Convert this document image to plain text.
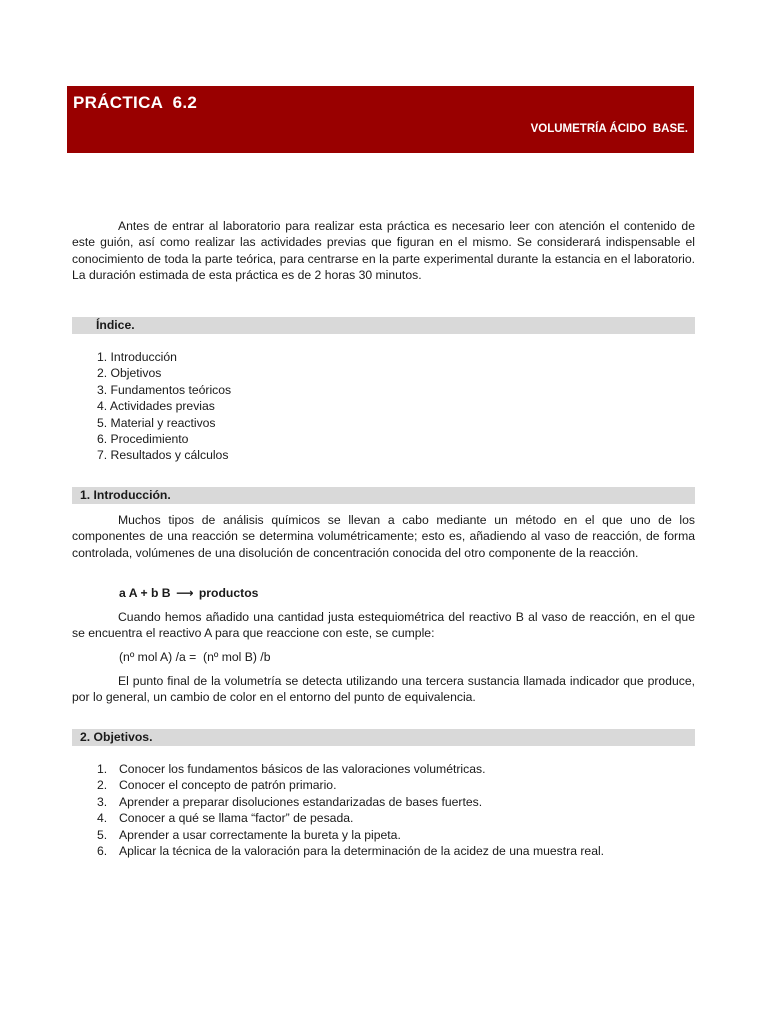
PRÁCTICA  6.2
VOLUMETRÍA ÁCIDO  BASE.

Antes de entrar al laboratorio para realizar esta práctica es necesario leer con atención el contenido de este guión, así como realizar las actividades previas que figuran en el mismo. Se considerará indispensable el conocimiento de toda la parte teórica, para centrarse en la parte experimental durante la estancia en el laboratorio. La duración estimada de esta práctica es de 2 horas 30 minutos.

Índice.
1. Introducción
2. Objetivos
3. Fundamentos teóricos
4. Actividades previas
5. Material y reactivos
6. Procedimiento
7. Resultados y cálculos
1. Introducción.

Muchos tipos de análisis químicos se llevan a cabo mediante un método en el que uno de los componentes de una reacción se determina volumétricamente; esto es, añadiendo al vaso de reacción, de forma controlada, volúmenes de una disolución de concentración conocida del otro componente de la reacción.

a A + b B ⟶ productos

Cuando hemos añadido una cantidad justa estequiométrica del reactivo B al vaso de reacción, en el que se encuentra el reactivo A para que reaccione con este, se cumple:

(nº mol A) /a =  (nº mol B) /b

El punto final de la volumetría se detecta utilizando una tercera sustancia llamada indicador que produce, por lo general, un cambio de color en el entorno del punto de equivalencia.

2. Objetivos.
1. Conocer los fundamentos básicos de las valoraciones volumétricas.
2. Conocer el concepto de patrón primario.
3. Aprender a preparar disoluciones estandarizadas de bases fuertes.
4. Conocer a qué se llama “factor” de pesada.
5. Aprender a usar correctamente la bureta y la pipeta.
6. Aplicar la técnica de la valoración para la determinación de la acidez de una muestra real.
